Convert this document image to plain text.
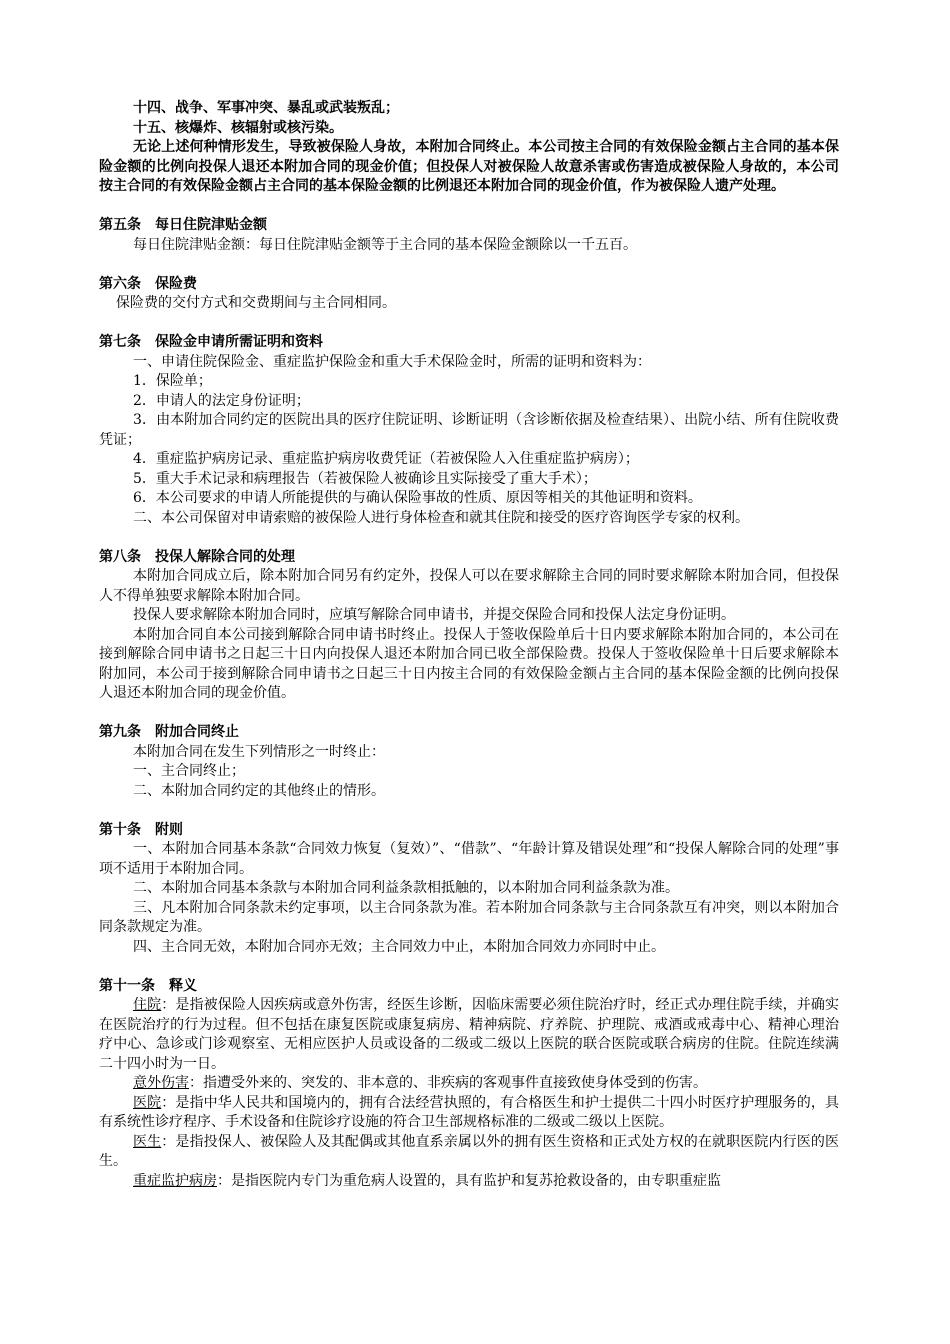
十四、战争、军事冲突、暴乱或武装叛乱；
十五、核爆炸、核辐射或核污染。
无论上述何种情形发生，导致被保险人身故，本附加合同终止。本公司按主合同的有效保险金额占主合同的基本保险金额的比例向投保人退还本附加合同的现金价值；但投保人对被保险人故意杀害或伤害造成被保险人身故的，本公司按主合同的有效保险金额占主合同的基本保险金额的比例退还本附加合同的现金价值，作为被保险人遗产处理。
第五条　每日住院津贴金额
每日住院津贴金额：每日住院津贴金额等于主合同的基本保险金额除以一千五百。
第六条　保险费
保险费的交付方式和交费期间与主合同相同。
第七条　保险金申请所需证明和资料
一、申请住院保险金、重症监护保险金和重大手术保险金时，所需的证明和资料为：
1．保险单；
2．申请人的法定身份证明；
3．由本附加合同约定的医院出具的医疗住院证明、诊断证明（含诊断依据及检查结果）、出院小结、所有住院收费凭证；
4．重症监护病房记录、重症监护病房收费凭证（若被保险人入住重症监护病房）；
5．重大手术记录和病理报告（若被保险人被确诊且实际接受了重大手术）；
6．本公司要求的申请人所能提供的与确认保险事故的性质、原因等相关的其他证明和资料。
二、本公司保留对申请索赔的被保险人进行身体检查和就其住院和接受的医疗咨询医学专家的权利。
第八条　投保人解除合同的处理
本附加合同成立后，除本附加合同另有约定外，投保人可以在要求解除主合同的同时要求解除本附加合同，但投保人不得单独要求解除本附加合同。
投保人要求解除本附加合同时，应填写解除合同申请书，并提交保险合同和投保人法定身份证明。
本附加合同自本公司接到解除合同申请书时终止。投保人于签收保险单后十日内要求解除本附加合同的，本公司在接到解除合同申请书之日起三十日内向投保人退还本附加合同已收全部保险费。投保人于签收保险单十日后要求解除本附加同，本公司于接到解除合同申请书之日起三十日内按主合同的有效保险金额占主合同的基本保险金额的比例向投保人退还本附加合同的现金价值。
第九条　附加合同终止
本附加合同在发生下列情形之一时终止：
一、主合同终止；
二、本附加合同约定的其他终止的情形。
第十条　附则
一、本附加合同基本条款“合同效力恢复（复效）”、“借款”、“年龄计算及错误处理”和“投保人解除合同的处理”事项不适用于本附加合同。
二、本附加合同基本条款与本附加合同利益条款相抵触的，以本附加合同利益条款为准。
三、凡本附加合同条款未约定事项，以主合同条款为准。若本附加合同条款与主合同条款互有冲突，则以本附加合同条款规定为准。
四、主合同无效，本附加合同亦无效；主合同效力中止，本附加合同效力亦同时中止。
第十一条　释义
住院：是指被保险人因疾病或意外伤害，经医生诊断，因临床需要必须住院治疗时，经正式办理住院手续，并确实在医院治疗的行为过程。但不包括在康复医院或康复病房、精神病院、疗养院、护理院、戒酒或戒毒中心、精神心理治疗中心、急诊或门诊观察室、无相应医护人员或设备的二级或二级以上医院的联合医院或联合病房的住院。住院连续满二十四小时为一日。
意外伤害：指遭受外来的、突发的、非本意的、非疾病的客观事件直接致使身体受到的伤害。
医院：是指中华人民共和国境内的，拥有合法经营执照的，有合格医生和护士提供二十四小时医疗护理服务的，具有系统性诊疗程序、手术设备和住院诊疗设施的符合卫生部规格标准的二级或二级以上医院。
医生：是指投保人、被保险人及其配偶或其他直系亲属以外的拥有医生资格和正式处方权的在就职医院内行医的医生。
重症监护病房：是指医院内专门为重危病人设置的，具有监护和复苏抢救设备的，由专职重症监
